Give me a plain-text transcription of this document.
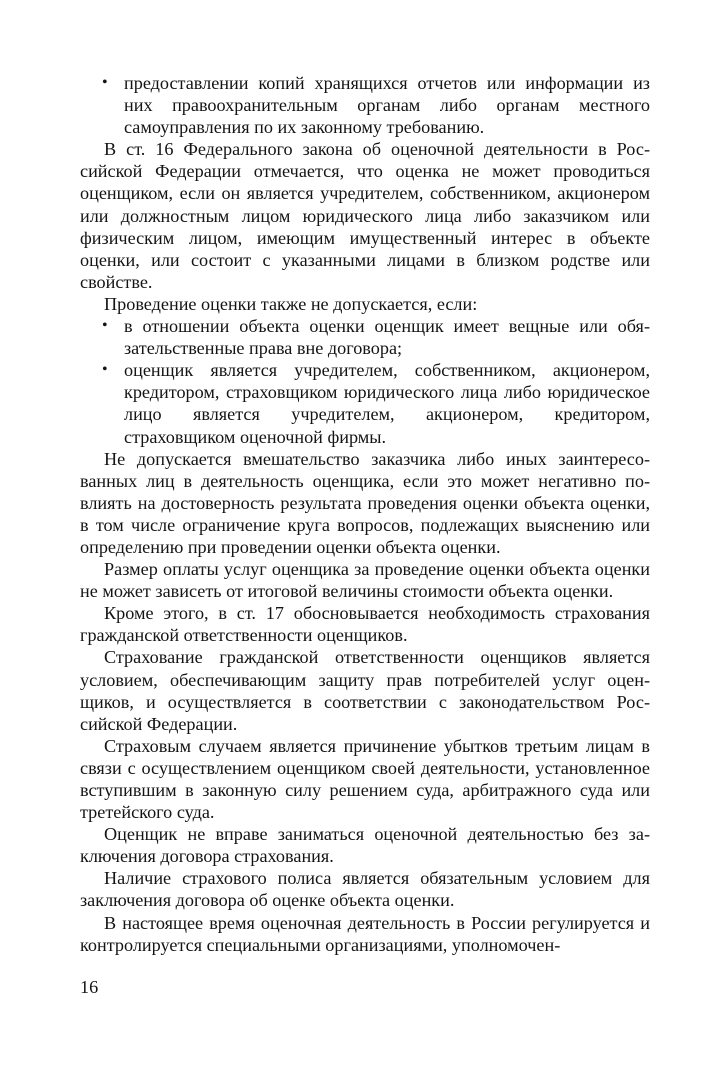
• предоставлении копий хранящихся отчетов или информации из них правоохранительным органам либо органам местного самоуправления по их законному требованию.

В ст. 16 Федерального закона об оценочной деятельности в Российской Федерации отмечается, что оценка не может проводиться оценщиком, если он является учредителем, собственником, акционером или должностным лицом юридического лица либо заказчиком или физическим лицом, имеющим имущественный интерес в объекте оценки, или состоит с указанными лицами в близком родстве или свойстве.

Проведение оценки также не допускается, если:

• в отношении объекта оценки оценщик имеет вещные или обязательственные права вне договора;

• оценщик является учредителем, собственником, акционером, кредитором, страховщиком юридического лица либо юридическое лицо является учредителем, акционером, кредитором, страховщиком оценочной фирмы.

Не допускается вмешательство заказчика либо иных заинтересованных лиц в деятельность оценщика, если это может негативно повлиять на достоверность результата проведения оценки объекта оценки, в том числе ограничение круга вопросов, подлежащих выяснению или определению при проведении оценки объекта оценки.

Размер оплаты услуг оценщика за проведение оценки объекта оценки не может зависеть от итоговой величины стоимости объекта оценки.

Кроме этого, в ст. 17 обосновывается необходимость страхования гражданской ответственности оценщиков.

Страхование гражданской ответственности оценщиков является условием, обеспечивающим защиту прав потребителей услуг оценщиков, и осуществляется в соответствии с законодательством Российской Федерации.

Страховым случаем является причинение убытков третьим лицам в связи с осуществлением оценщиком своей деятельности, установленное вступившим в законную силу решением суда, арбитражного суда или третейского суда.

Оценщик не вправе заниматься оценочной деятельностью без заключения договора страхования.

Наличие страхового полиса является обязательным условием для заключения договора об оценке объекта оценки.

В настоящее время оценочная деятельность в России регулируется и контролируется специальными организациями, уполномочен-

16
